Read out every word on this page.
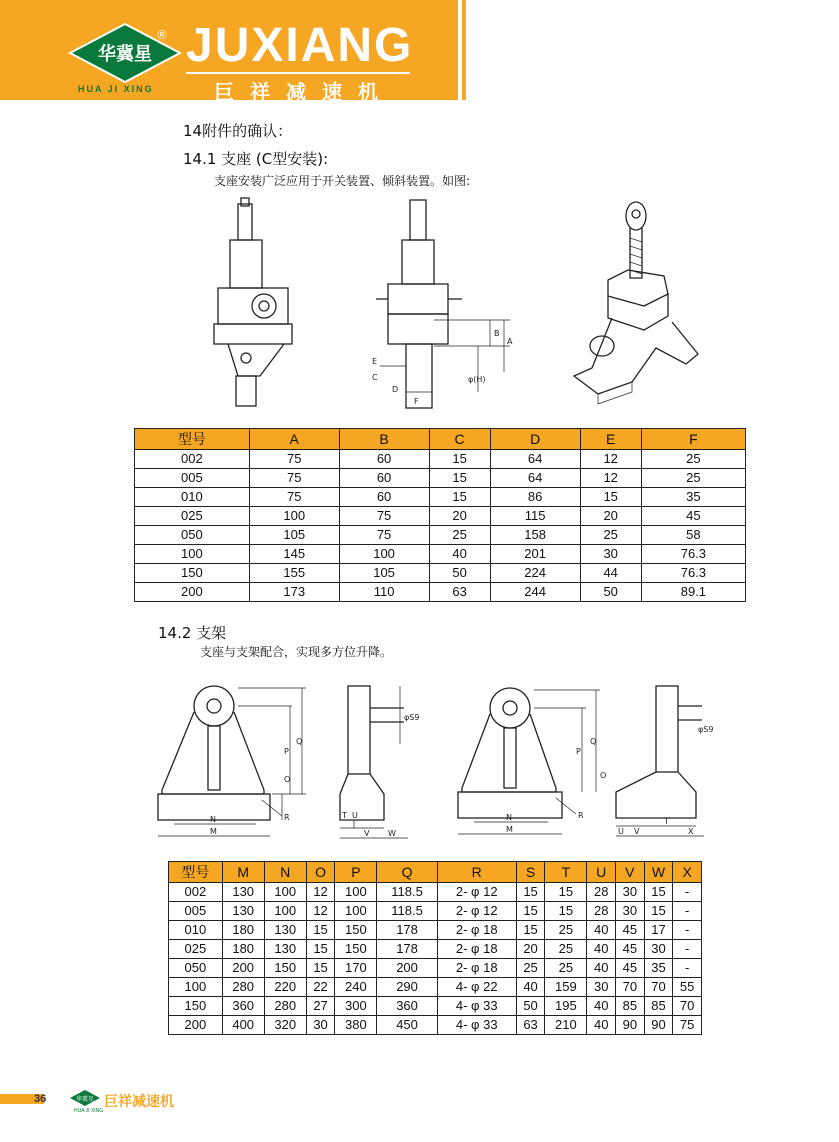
华冀星
®
HUA JI XING
JUXIANG
巨祥减速机
14附件的确认：
14.1 支座 (C型安装):
支座安装广泛应用于开关装置、倾斜装置。如图:
B
A
φ(H)
E
F
C
D
型号	A	B	C	D	E	F
002	75	60	15	64	12	25
005	75	60	15	64	12	25
010	75	60	15	86	15	35
025	100	75	20	115	20	45
050	105	75	25	158	25	58
100	145	100	40	201	30	76.3
150	155	105	50	224	44	76.3
200	173	110	63	244	50	89.1
14.2 支架
支座与支架配合，实现多方位升降。
Q
P
O
N
M
R
φS9
T U
V W
Q
P
O
N
M
R
φS9
U V
T
X
型号	M	N	O	P	Q	R	S	T	U	V	W	X
002	130	100	12	100	118.5	2- φ 12	15	15	28	30	15	-
005	130	100	12	100	118.5	2- φ 12	15	15	28	30	15	-
010	180	130	15	150	178	2- φ 18	15	25	40	45	17	-
025	180	130	15	150	178	2- φ 18	20	25	40	45	30	-
050	200	150	15	170	200	2- φ 18	25	25	40	45	35	-
100	280	220	22	240	290	4- φ 22	40	159	30	70	70	55
150	360	280	27	300	360	4- φ 33	50	195	40	85	85	70
200	400	320	30	380	450	4- φ 33	63	210	40	90	90	75
36	华冀星 巨祥减速机
HUA JI XING
